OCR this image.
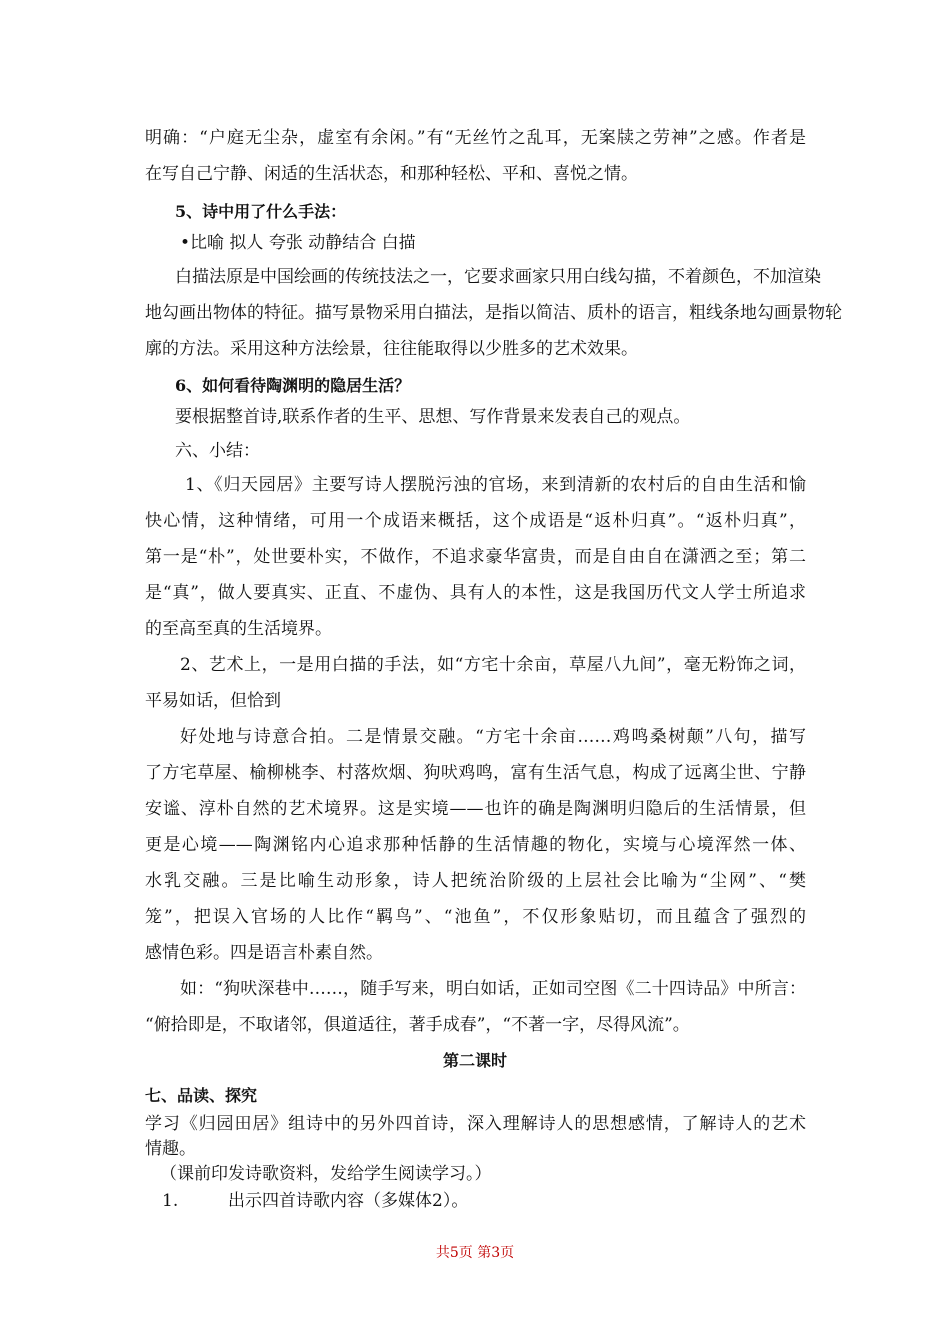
明确：“户庭无尘杂，虚室有余闲。”有“无丝竹之乱耳，无案牍之劳神”之感。作者是
在写自己宁静、闲适的生活状态，和那种轻松、平和、喜悦之情。
5、诗中用了什么手法：
•比喻 拟人 夸张 动静结合 白描
白描法原是中国绘画的传统技法之一，它要求画家只用白线勾描，不着颜色，不加渲染
地勾画出物体的特征。描写景物采用白描法，是指以简洁、质朴的语言，粗线条地勾画景物轮
廓的方法。采用这种方法绘景，往往能取得以少胜多的艺术效果。
6、如何看待陶渊明的隐居生活？
要根据整首诗,联系作者的生平、思想、写作背景来发表自己的观点。
六、小结：
1、《归天园居》主要写诗人摆脱污浊的官场，来到清新的农村后的自由生活和愉
快心情，这种情绪，可用一个成语来概括，这个成语是“返朴归真”。“返朴归真”，
第一是“朴”，处世要朴实，不做作，不追求豪华富贵，而是自由自在潇洒之至；第二
是“真”，做人要真实、正直、不虚伪、具有人的本性，这是我国历代文人学士所追求
的至高至真的生活境界。
2、艺术上，一是用白描的手法，如“方宅十余亩，草屋八九间”，毫无粉饰之词，
平易如话，但恰到
好处地与诗意合拍。二是情景交融。“方宅十余亩……鸡鸣桑树颠”八句，描写
了方宅草屋、榆柳桃李、村落炊烟、狗吠鸡鸣，富有生活气息，构成了远离尘世、宁静
安谧、淳朴自然的艺术境界。这是实境——也许的确是陶渊明归隐后的生活情景，但
更是心境——陶渊铭内心追求那种恬静的生活情趣的物化，实境与心境浑然一体、
水乳交融。三是比喻生动形象，诗人把统治阶级的上层社会比喻为“尘网”、“樊
笼”，把误入官场的人比作“羁鸟”、“池鱼”，不仅形象贴切，而且蕴含了强烈的
感情色彩。四是语言朴素自然。
如：“狗吠深巷中……，随手写来，明白如话，正如司空图《二十四诗品》中所言：
“俯拾即是，不取诸邻，俱道适往，著手成春”，“不著一字，尽得风流”。
第二课时
七、品读、探究
学习《归园田居》组诗中的另外四首诗，深入理解诗人的思想感情，了解诗人的艺术
情趣。
（课前印发诗歌资料，发给学生阅读学习。）
1.	出示四首诗歌内容（多媒体2）。
共5页 第3页
